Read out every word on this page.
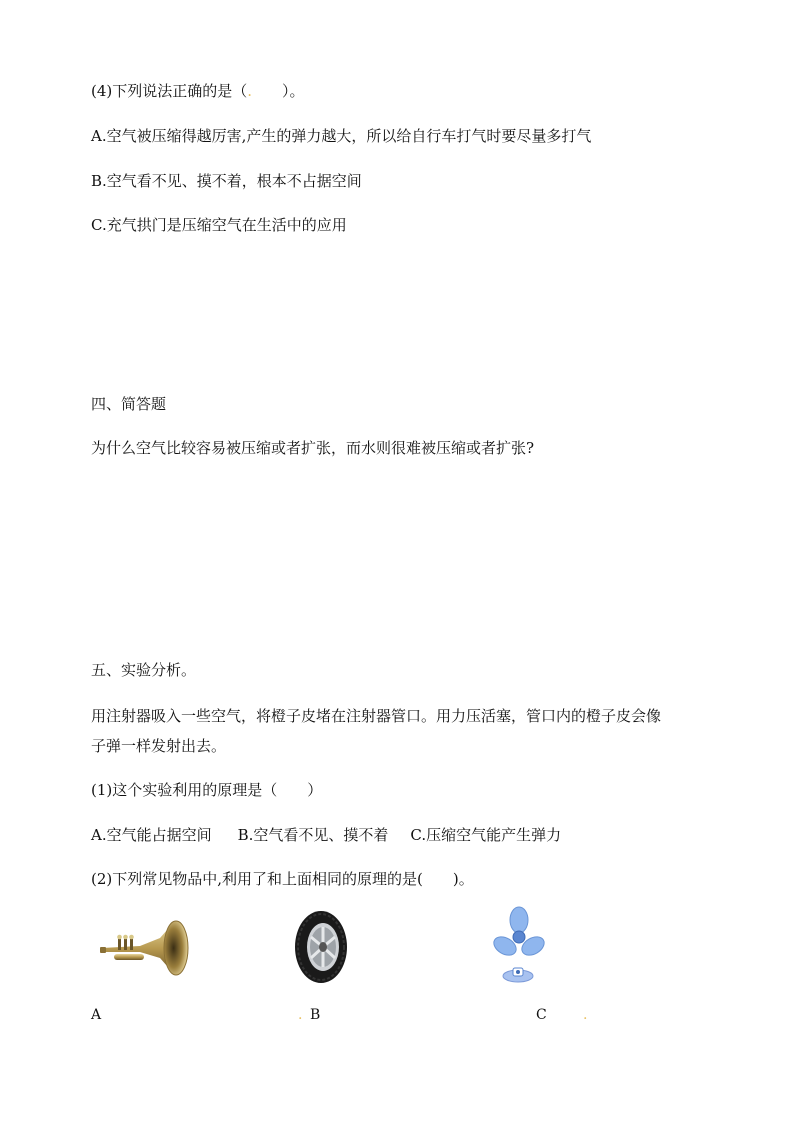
(4)下列说法正确的是（.　　）。
A.空气被压缩得越厉害,产生的弹力越大，所以给自行车打气时要尽量多打气
B.空气看不见、摸不着，根本不占据空间
C.充气拱门是压缩空气在生活中的应用
四、简答题
为什么空气比较容易被压缩或者扩张，而水则很难被压缩或者扩张?
五、实验分析。
用注射器吸入一些空气，将橙子皮堵在注射器管口。用力压活塞，管口内的橙子皮会像
子弹一样发射出去。
(1)这个实验利用的原理是（　　）
A.空气能占据空间 B.空气看不见、摸不着 C.压缩空气能产生弹力
(2)下列常见物品中,利用了和上面相同的原理的是(　　)。
A	. B	C	.
